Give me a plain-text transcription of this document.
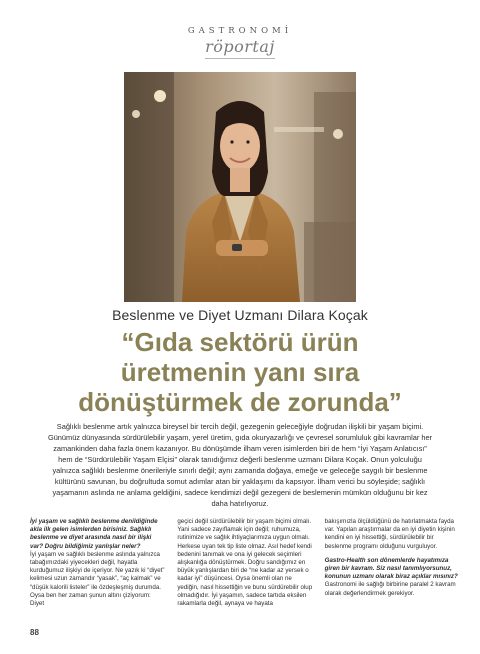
GASTRONOMİ
röportaj
Beslenme ve Diyet Uzmanı Dilara Koçak
“Gıda sektörü ürün
üretmenin yanı sıra
dönüştürmek de zorunda”
Sağlıklı beslenme artık yalnızca bireysel bir tercih değil, gezegenin geleceğiyle doğrudan ilişkili bir yaşam biçimi. Günümüz dünyasında sürdürülebilir yaşam, yerel üretim, gıda okuryazarlığı ve çevresel sorumluluk gibi kavramlar her zamankinden daha fazla önem kazanıyor. Bu dönüşümde ilham veren isimlerden biri de hem “İyi Yaşam Anlatıcısı” hem de “Sürdürülebilir Yaşam Elçisi” olarak tanıdığımız değerli beslenme uzmanı Dilara Koçak. Onun yolculuğu yalnızca sağlıklı beslenme önerileriyle sınırlı değil; aynı zamanda doğaya, emeğe ve geleceğe saygılı bir beslenme kültürünü savunan, bu doğrultuda somut adımlar atan bir yaklaşımı da kapsıyor. İlham verici bu söyleşide; sağlıklı yaşamanın aslında ne anlama geldiğini, sadece kendimizi değil gezegeni de beslemenin mümkün olduğunu bir kez daha hatırlıyoruz.
İyi yaşam ve sağlıklı beslenme denildiğinde akla ilk gelen isimlerden birisiniz. Sağlıklı beslenme ve diyet arasında nasıl bir ilişki var? Doğru bildiğimiz yanlışlar neler?
İyi yaşam ve sağlıklı beslenme aslında yalnızca tabağımızdaki yiyecekleri değil, hayatla kurduğumuz ilişkiyi de içeriyor. Ne yazık ki “diyet” kelimesi uzun zamandır “yasak”, “aç kalmak” ve “düşük kalorili listeler” ile özdeşleşmiş durumda. Oysa ben her zaman şunun altını çiziyorum: Diyet
geçici değil sürdürülebilir bir yaşam biçimi olmalı. Yani sadece zayıflamak için değil; ruhumuza, rutinimize ve sağlık ihtiyaçlarımıza uygun olmalı. Herkese uyan tek tip liste olmaz. Asıl hedef kendi bedenini tanımak ve ona iyi gelecek seçimleri alışkanlığa dönüştürmek. Doğru sandığımız en büyük yanlışlardan biri de “ne kadar az yersek o kadar iyi” düşüncesi. Oysa önemli olan ne yediğin, nasıl hissettiğin ve bunu sürdürebilir olup olmadığıdır. İyi yaşamın, sadece tartıda eksilen rakamlarla değil, aynaya ve hayata
bakışımızla ölçüldüğünü de hatırlatmakta fayda var. Yapılan araştırmalar da en iyi diyetin kişinin kendini en iyi hissettiği, sürdürülebilir bir beslenme programı olduğunu vurguluyor.
Gastro-Health son dönemlerde hayatımıza giren bir kavram. Siz nasıl tanımlıyorsunuz, konunun uzmanı olarak biraz açıklar mısınız?
Gastronomi ile sağlığı birbirine paralel 2 kavram olarak değerlendirmek gerekiyor.
88
